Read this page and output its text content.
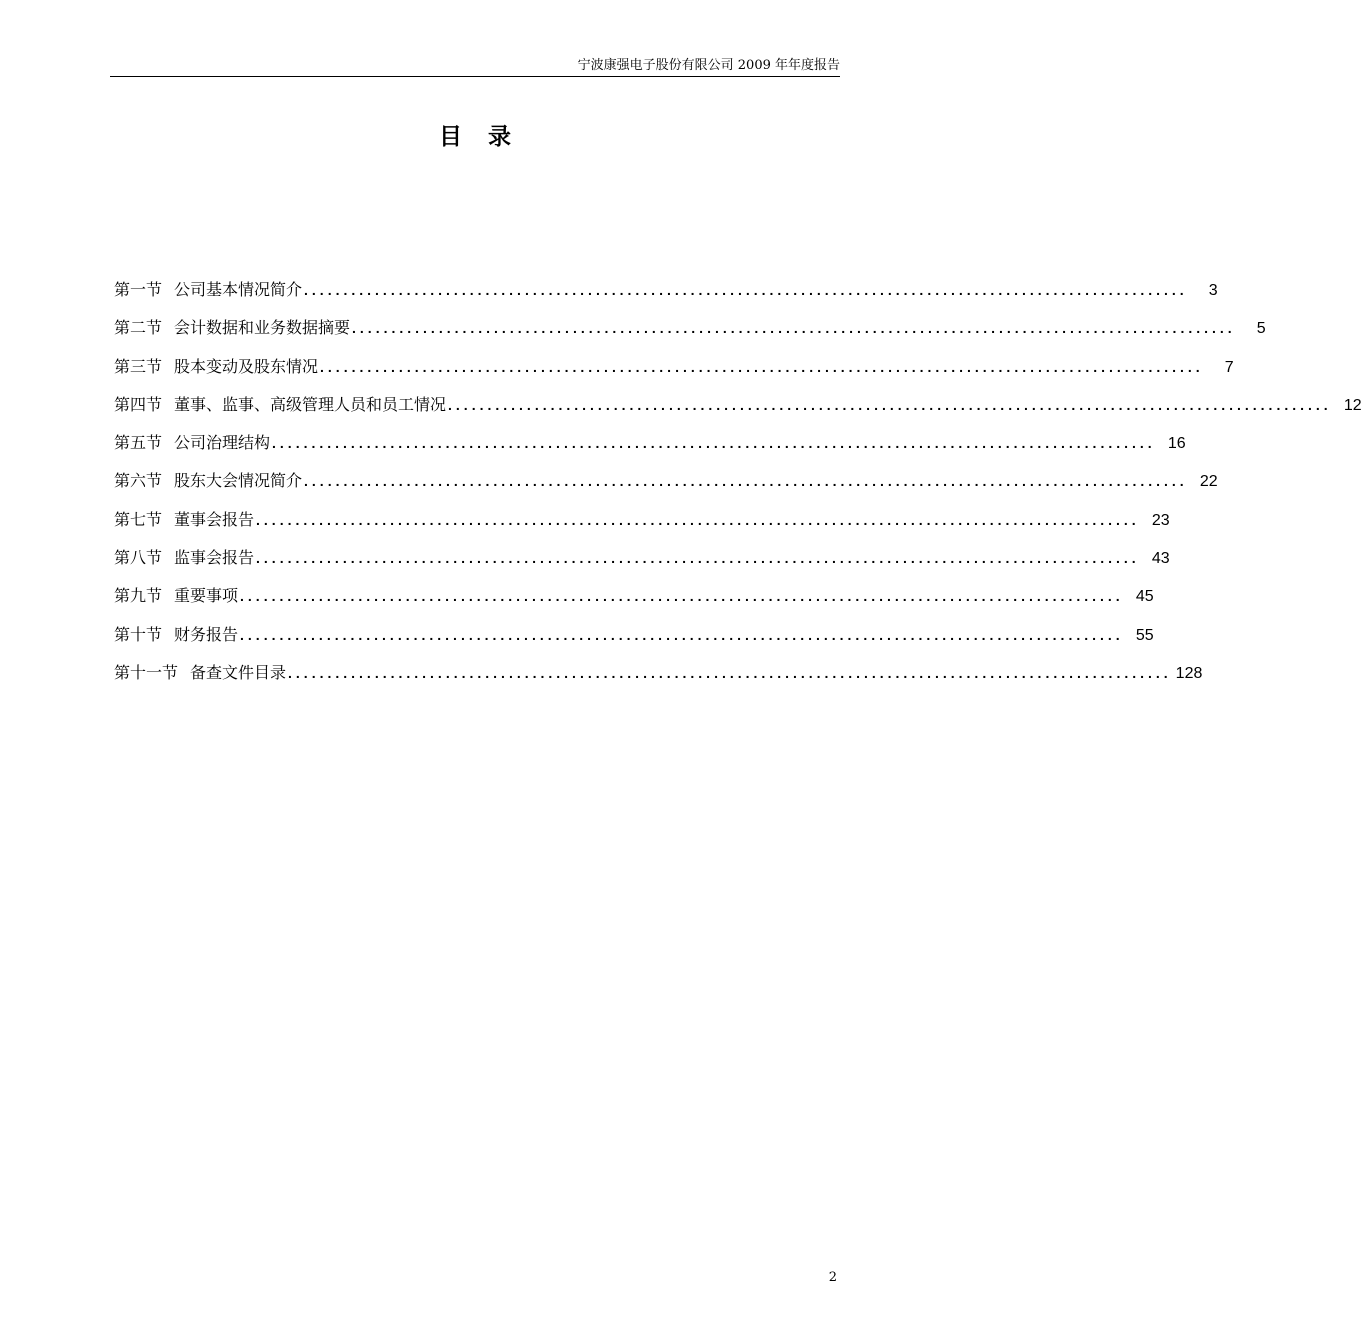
宁波康强电子股份有限公司 2009 年年度报告
目录
第一节 公司基本情况简介 ................................................................................................................	3
第二节 会计数据和业务数据摘要 ................................................................................................................	5
第三节 股本变动及股东情况 ................................................................................................................	7
第四节 董事、监事、高级管理人员和员工情况 ................................................................................................................ 12
第五节 公司治理结构 ................................................................................................................ 16
第六节 股东大会情况简介 ................................................................................................................ 22
第七节 董事会报告 ................................................................................................................ 23
第八节 监事会报告 ................................................................................................................ 43
第九节 重要事项 ................................................................................................................ 45
第十节 财务报告 ................................................................................................................ 55
第十一节 备查文件目录 ................................................................................................................ 128
2
